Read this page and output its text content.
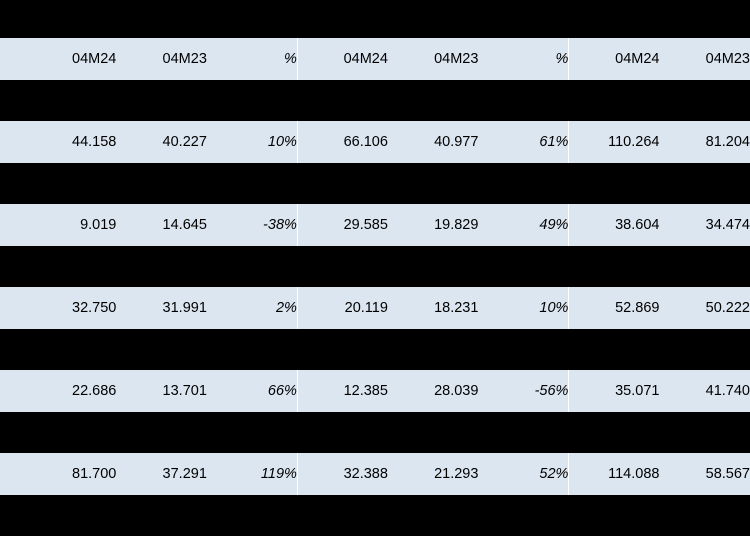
	04M24	04M23	%	04M24	04M23	%	04M24	04M23

	44.158	40.227	10%	66.106	40.977	61%	110.264	81.204

	9.019	14.645	-38%	29.585	19.829	49%	38.604	34.474

	32.750	31.991	2%	20.119	18.231	10%	52.869	50.222

	22.686	13.701	66%	12.385	28.039	-56%	35.071	41.740

	81.700	37.291	119%	32.388	21.293	52%	114.088	58.567
